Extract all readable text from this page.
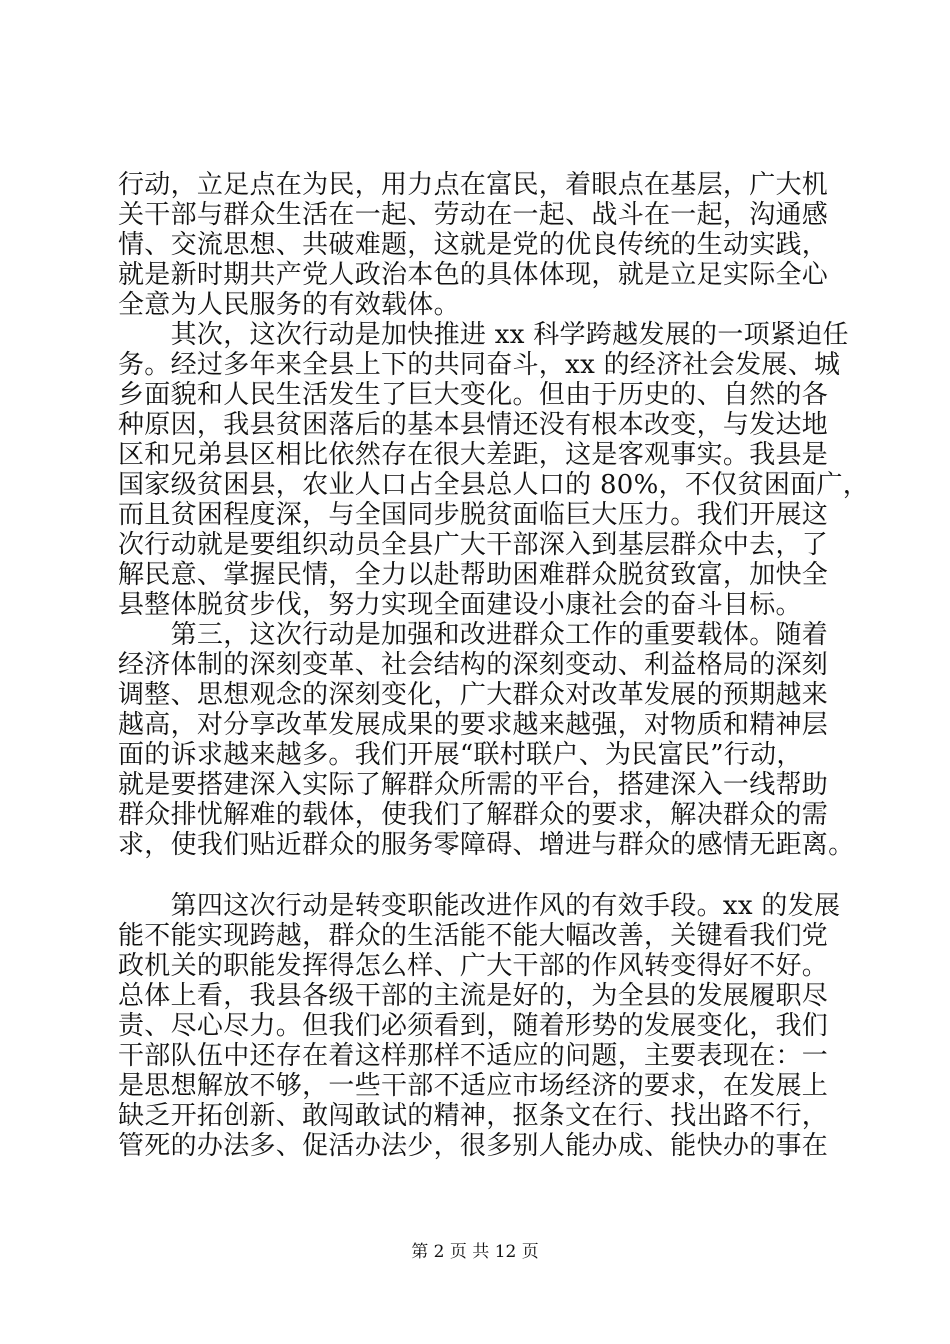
行动，立足点在为民，用力点在富民，着眼点在基层，广大机
关干部与群众生活在一起、劳动在一起、战斗在一起，沟通感
情、交流思想、共破难题，这就是党的优良传统的生动实践，
就是新时期共产党人政治本色的具体体现，就是立足实际全心
全意为人民服务的有效载体。
　　其次，这次行动是加快推进 xx 科学跨越发展的一项紧迫任
务。经过多年来全县上下的共同奋斗，xx 的经济社会发展、城
乡面貌和人民生活发生了巨大变化。但由于历史的、自然的各
种原因，我县贫困落后的基本县情还没有根本改变，与发达地
区和兄弟县区相比依然存在很大差距，这是客观事实。我县是
国家级贫困县，农业人口占全县总人口的 80%，不仅贫困面广，
而且贫困程度深，与全国同步脱贫面临巨大压力。我们开展这
次行动就是要组织动员全县广大干部深入到基层群众中去，了
解民意、掌握民情，全力以赴帮助困难群众脱贫致富，加快全
县整体脱贫步伐，努力实现全面建设小康社会的奋斗目标。
　　第三，这次行动是加强和改进群众工作的重要载体。随着
经济体制的深刻变革、社会结构的深刻变动、利益格局的深刻
调整、思想观念的深刻变化，广大群众对改革发展的预期越来
越高，对分享改革发展成果的要求越来越强，对物质和精神层
面的诉求越来越多。我们开展“联村联户、为民富民”行动，
就是要搭建深入实际了解群众所需的平台，搭建深入一线帮助
群众排忧解难的载体，使我们了解群众的要求，解决群众的需
求，使我们贴近群众的服务零障碍、增进与群众的感情无距离。
　　第四这次行动是转变职能改进作风的有效手段。xx 的发展
能不能实现跨越，群众的生活能不能大幅改善，关键看我们党
政机关的职能发挥得怎么样、广大干部的作风转变得好不好。
总体上看，我县各级干部的主流是好的，为全县的发展履职尽
责、尽心尽力。但我们必须看到，随着形势的发展变化，我们
干部队伍中还存在着这样那样不适应的问题，主要表现在：一
是思想解放不够，一些干部不适应市场经济的要求，在发展上
缺乏开拓创新、敢闯敢试的精神，抠条文在行、找出路不行，
管死的办法多、促活办法少，很多别人能办成、能快办的事在
第 2 页 共 12 页
